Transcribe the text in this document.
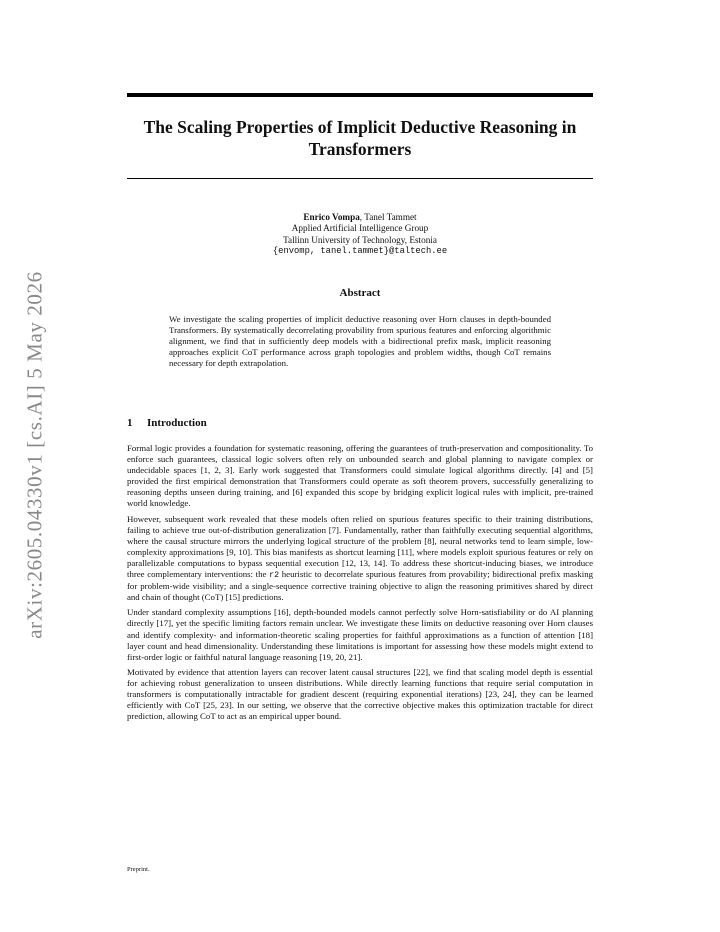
arXiv:2605.04330v1 [cs.AI] 5 May 2026
The Scaling Properties of Implicit Deductive Reasoning in Transformers
Enrico Vompa, Tanel Tammet
Applied Artificial Intelligence Group
Tallinn University of Technology, Estonia
{envomp, tanel.tammet}@taltech.ee
Abstract
We investigate the scaling properties of implicit deductive reasoning over Horn clauses in depth-bounded Transformers. By systematically decorrelating provability from spurious features and enforcing algorithmic alignment, we find that in sufficiently deep models with a bidirectional prefix mask, implicit reasoning approaches explicit CoT performance across graph topologies and problem widths, though CoT remains necessary for depth extrapolation.
1 Introduction

Formal logic provides a foundation for systematic reasoning, offering the guarantees of truth-preservation and compositionality. To enforce such guarantees, classical logic solvers often rely on unbounded search and global planning to navigate complex or undecidable spaces [1, 2, 3]. Early work suggested that Transformers could simulate logical algorithms directly. [4] and [5] provided the first empirical demonstration that Transformers could operate as soft theorem provers, successfully generalizing to reasoning depths unseen during training, and [6] expanded this scope by bridging explicit logical rules with implicit, pre-trained world knowledge.

However, subsequent work revealed that these models often relied on spurious features specific to their training distributions, failing to achieve true out-of-distribution generalization [7]. Fundamentally, rather than faithfully executing sequential algorithms, where the causal structure mirrors the underlying logical structure of the problem [8], neural networks tend to learn simple, low-complexity approximations [9, 10]. This bias manifests as shortcut learning [11], where models exploit spurious features or rely on parallelizable computations to bypass sequential execution [12, 13, 14]. To address these shortcut-inducing biases, we introduce three complementary interventions: the r2 heuristic to decorrelate spurious features from provability; bidirectional prefix masking for problem-wide visibility; and a single-sequence corrective training objective to align the reasoning primitives shared by direct and chain of thought (CoT) [15] predictions.

Under standard complexity assumptions [16], depth-bounded models cannot perfectly solve Horn-satisfiability or do AI planning directly [17], yet the specific limiting factors remain unclear. We investigate these limits on deductive reasoning over Horn clauses and identify complexity- and information-theoretic scaling properties for faithful approximations as a function of attention [18] layer count and head dimensionality. Understanding these limitations is important for assessing how these models might extend to first-order logic or faithful natural language reasoning [19, 20, 21].

Motivated by evidence that attention layers can recover latent causal structures [22], we find that scaling model depth is essential for achieving robust generalization to unseen distributions. While directly learning functions that require serial computation in transformers is computationally intractable for gradient descent (requiring exponential iterations) [23, 24], they can be learned efficiently with CoT [25, 23]. In our setting, we observe that the corrective objective makes this optimization tractable for direct prediction, allowing CoT to act as an empirical upper bound.

Preprint.
